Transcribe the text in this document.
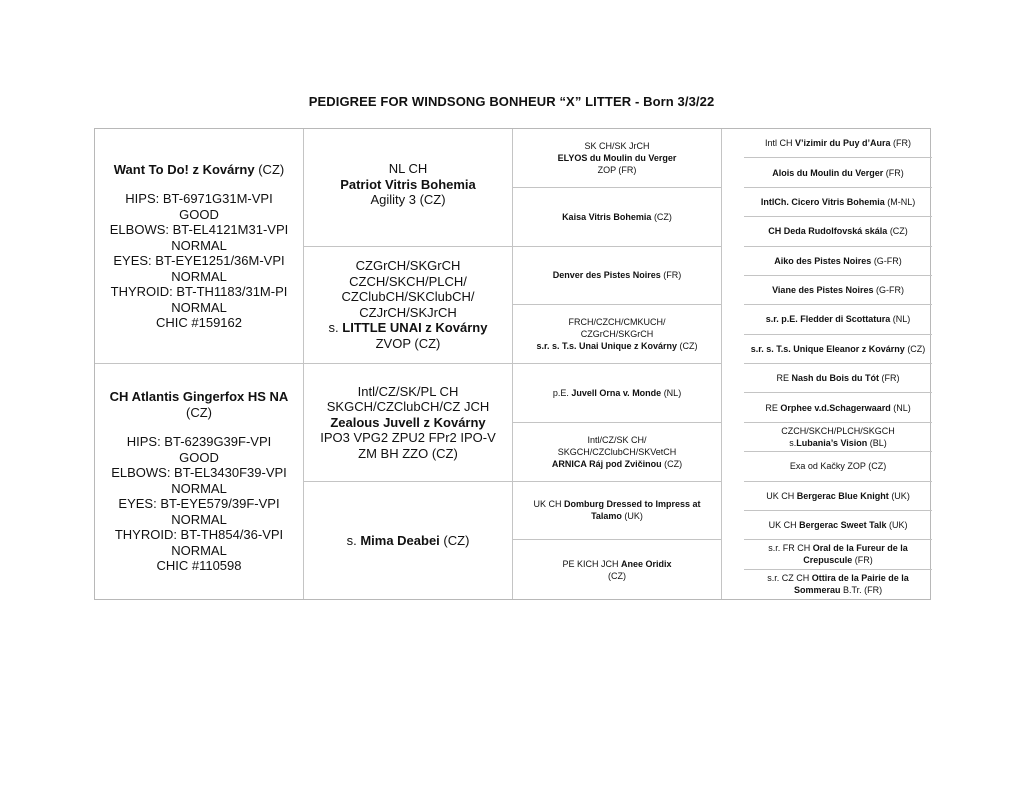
PEDIGREE FOR WINDSONG BONHEUR “X” LITTER - Born 3/3/22
Want To Do! z Kovárny (CZ)
HIPS: BT-6971G31M-VPI
GOOD
ELBOWS: BT-EL4121M31-VPI
NORMAL
EYES: BT-EYE1251/36M-VPI
NORMAL
THYROID: BT-TH1183/31M-PI
NORMAL
CHIC #159162
CH Atlantis Gingerfox HS NA
(CZ)
HIPS: BT-6239G39F-VPI
GOOD
ELBOWS: BT-EL3430F39-VPI
NORMAL
EYES: BT-EYE579/39F-VPI
NORMAL
THYROID: BT-TH854/36-VPI
NORMAL
CHIC #110598
NL CH
Patriot Vitris Bohemia
Agility 3 (CZ)
CZGrCH/SKGrCH
CZCH/SKCH/PLCH/
CZClubCH/SKClubCH/
CZJrCH/SKJrCH
s. LITTLE UNAI z Kovárny
ZVOP (CZ)
Intl/CZ/SK/PL CH
SKGCH/CZClubCH/CZ JCH
Zealous Juvell z Kovárny
IPO3 VPG2 ZPU2 FPr2 IPO-V
ZM BH ZZO (CZ)
s. Mima Deabei (CZ)
SK CH/SK JrCH
ELYOS du Moulin du Verger
ZOP (FR)
Kaisa Vitris Bohemia (CZ)
Denver des Pistes Noires (FR)
FRCH/CZCH/CMKUCH/
CZGrCH/SKGrCH
s.r. s. T.s. Unai Unique z Kovárny (CZ)
p.E. Juvell Orna v. Monde (NL)
Intl/CZ/SK CH/
SKGCH/CZClubCH/SKVetCH
ARNICA Ráj pod Zvičinou (CZ)
UK CH Domburg Dressed to Impress at
Talamo (UK)
PE KICH JCH Anee Oridix
(CZ)
Intl CH V’izimir du Puy d’Aura (FR)
Alois du Moulin du Verger (FR)
IntlCh. Cicero Vitris Bohemia (M-NL)
CH Deda Rudolfovská skála (CZ)
Aiko des Pistes Noires (G-FR)
Viane des Pistes Noires (G-FR)
s.r. p.E. Fledder di Scottatura (NL)
s.r. s. T.s. Unique Eleanor z Kovárny (CZ)
RE Nash du Bois du Tót (FR)
RE Orphee v.d.Schagerwaard (NL)
CZCH/SKCH/PLCH/SKGCH
s.Lubania’s Vision (BL)
Exa od Kačky ZOP (CZ)
UK CH Bergerac Blue Knight (UK)
UK CH Bergerac Sweet Talk (UK)
s.r. FR CH Oral de la Fureur de la
Crepuscule (FR)
s.r. CZ CH Ottira de la Pairie de la
Sommerau B.Tr. (FR)
